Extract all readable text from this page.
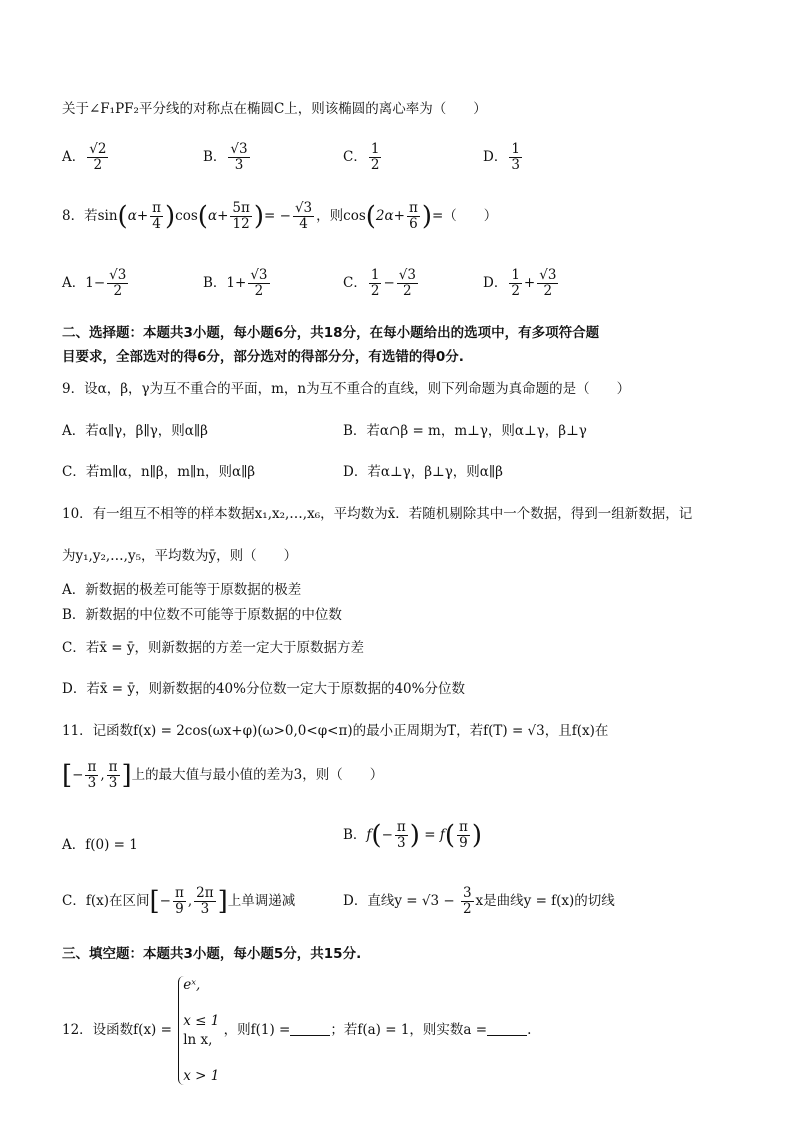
关于∠F₁PF₂平分线的对称点在椭圆C上，则该椭圆的离心率为（　　）
A． $\frac{√2}{2}$	B． $\frac{√3}{3}$	C． $\frac{1}{2}$	D． $\frac{1}{3}$
8．若$\sin(\alpha+ \frac{\pi}{4} )\cos(\alpha+ \frac{5\pi}{12}$ )= − $\frac{√3}{4}$ ，则$\cos(2\alpha+ \frac{\pi}{6}$ )=（　　）
A．$1- \frac{√3}{2}$	B．$1+ \frac{√3}{2}$	C． $\frac{1}{2} - \frac{√3}{2}$	D． $\frac{1}{2} + \frac{√3}{2}$
二、选择题：本题共3小题，每小题6分，共18分，在每小题给出的选项中，有多项符合题
目要求，全部选对的得6分，部分选对的得部分分，有选错的得0分.
9．设α，β，γ为互不重合的平面，m，n为互不重合的直线，则下列命题为真命题的是（　　）
A．若α∥γ，β∥γ，则α∥β	B．若α∩β = m，m⊥γ，则α⊥γ，β⊥γ
C．若m∥α，n∥β，m∥n，则α∥β	D．若α⊥γ，β⊥γ，则α∥β
10．有一组互不相等的样本数据x₁,x₂,…,x₆，平均数为x̄．若随机剔除其中一个数据，得到一组新数据，记
为y₁,y₂,…,y₅，平均数为ȳ，则（　　）
A．新数据的极差可能等于原数据的极差
B．新数据的中位数不可能等于原数据的中位数
C．若x̄ = ȳ，则新数据的方差一定大于原数据方差
D．若x̄ = ȳ，则新数据的40%分位数一定大于原数据的40%分位数
11．记函数f(x) = 2cos(ωx+φ)(ω>0,0<φ<π)的最小正周期为T，若f(T) = √3，且f(x)在
[− $\frac{\pi}{3}$ , $\frac{\pi}{3}$ ]上的最大值与最小值的差为3，则（　　）
A．f(0) = 1
B．$f(- \frac{\pi}{3}$ ) = $f( \frac{\pi}{9}$ )
C．f(x)在区间[− $\frac{\pi}{9}$ , $\frac{2\pi}{3}$ ]上单调递减	D．直线$y = √3 - \frac{3}{2}$ x是曲线y = f(x)的切线
三、填空题：本题共3小题，每小题5分，共15分.
12．设函数f(x) =
eˣ,

x ≤ 1
ln x,

x > 1
，则f(1) =	；若f(a) = 1，则实数a =	.
